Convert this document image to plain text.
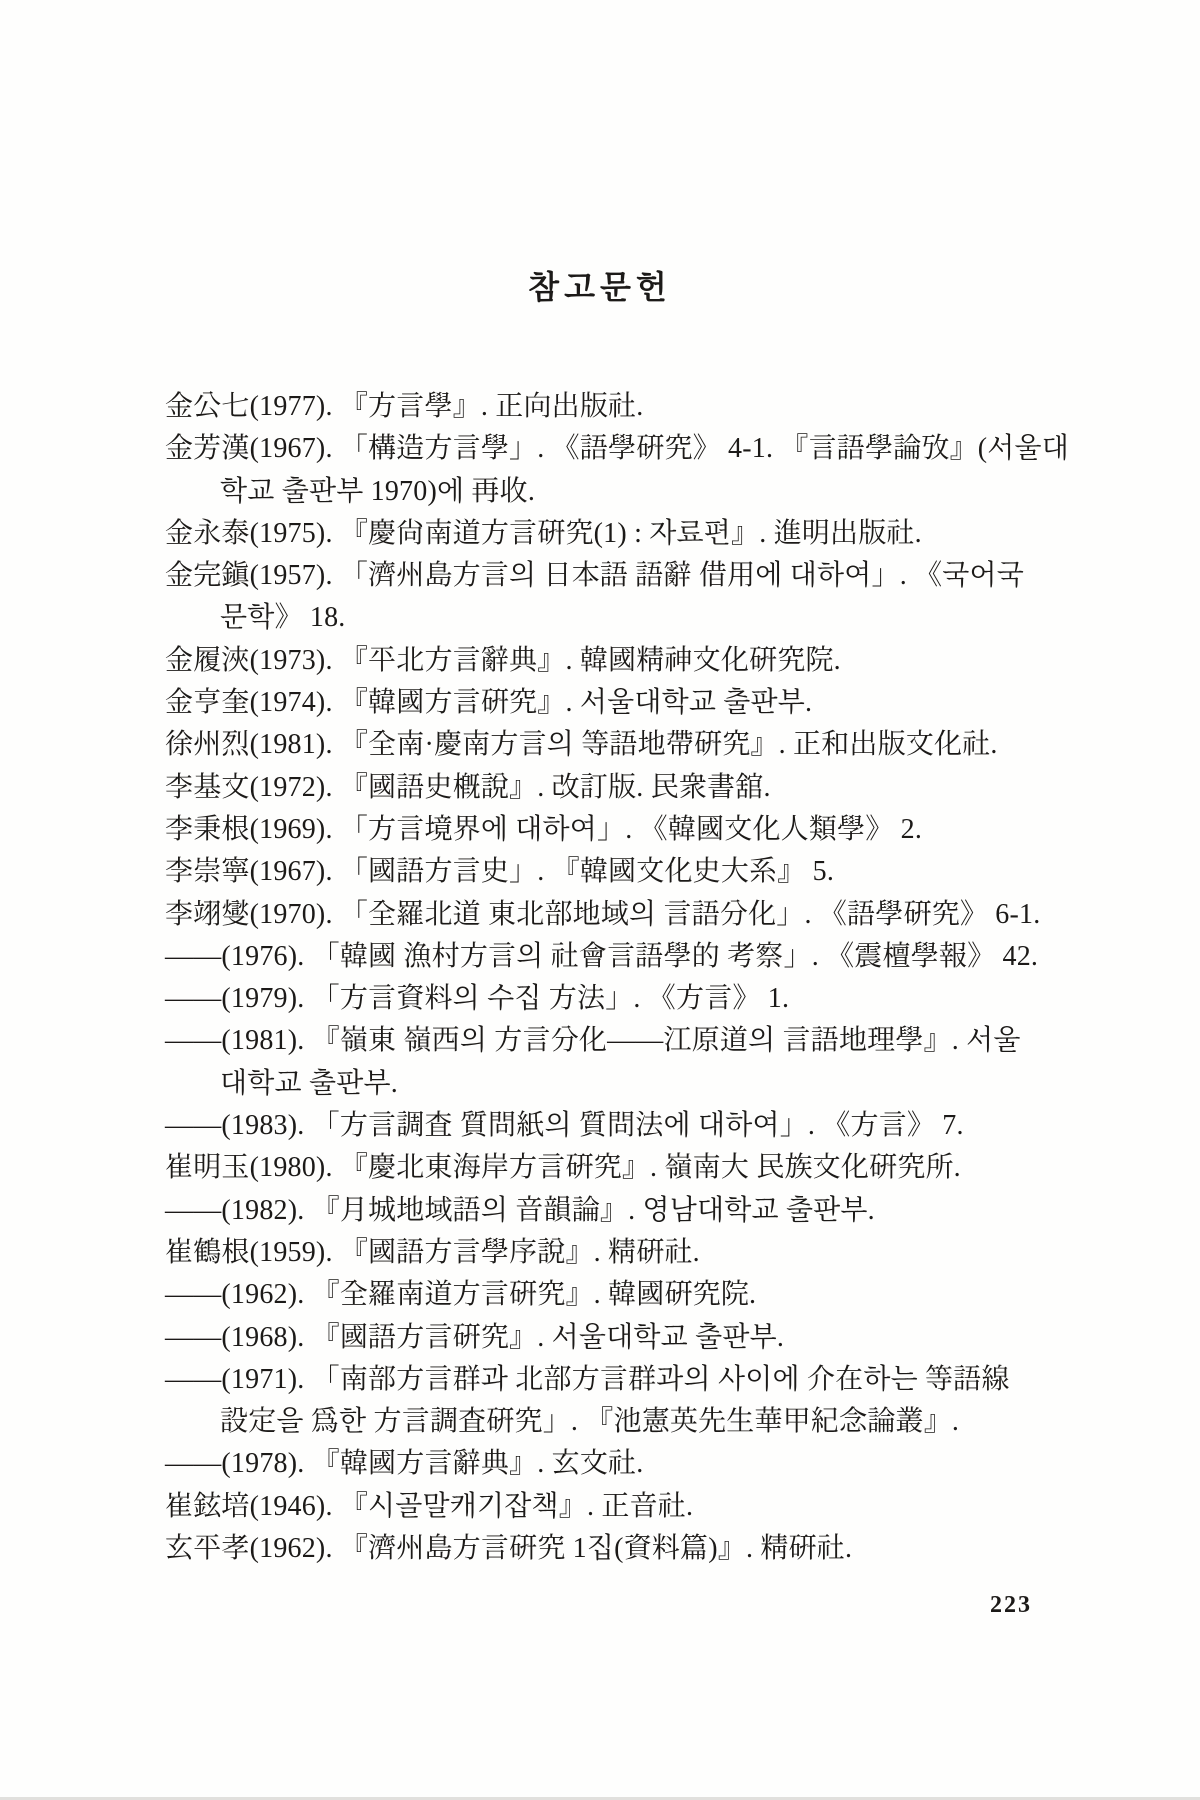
참고문헌
金公七(1977). 『方言學』. 正向出版社.
金芳漢(1967). 「構造方言學」. 《語學硏究》 4-1. 『言語學論攷』(서울대
학교 출판부 1970)에 再收.
金永泰(1975). 『慶尙南道方言硏究(1) : 자료편』. 進明出版社.
金完鎭(1957). 「濟州島方言의 日本語 語辭 借用에 대하여」. 《국어국
문학》 18.
金履浹(1973). 『平北方言辭典』. 韓國精神文化硏究院.
金亨奎(1974). 『韓國方言硏究』. 서울대학교 출판부.
徐州烈(1981). 『全南·慶南方言의 等語地帶硏究』. 正和出版文化社.
李基文(1972). 『國語史槪說』. 改訂版. 民衆書舘.
李秉根(1969). 「方言境界에 대하여」. 《韓國文化人類學》 2.
李崇寧(1967). 「國語方言史」. 『韓國文化史大系』 5.
李翊燮(1970). 「全羅北道 東北部地域의 言語分化」. 《語學硏究》 6-1.
——(1976). 「韓國 漁村方言의 社會言語學的 考察」. 《震檀學報》 42.
——(1979). 「方言資料의 수집 方法」. 《方言》 1.
——(1981). 『嶺東 嶺西의 方言分化——江原道의 言語地理學』. 서울
대학교 출판부.
——(1983). 「方言調査 質問紙의 質問法에 대하여」. 《方言》 7.
崔明玉(1980). 『慶北東海岸方言硏究』. 嶺南大 民族文化硏究所.
——(1982). 『月城地域語의 音韻論』. 영남대학교 출판부.
崔鶴根(1959). 『國語方言學序說』. 精硏社.
——(1962). 『全羅南道方言硏究』. 韓國硏究院.
——(1968). 『國語方言硏究』. 서울대학교 출판부.
——(1971). 「南部方言群과 北部方言群과의 사이에 介在하는 等語線
設定을 爲한 方言調査硏究」. 『池憲英先生華甲紀念論叢』.
——(1978). 『韓國方言辭典』. 玄文社.
崔鉉培(1946). 『시골말캐기잡책』. 正音社.
玄平孝(1962). 『濟州島方言硏究 1집(資料篇)』. 精硏社.
223
